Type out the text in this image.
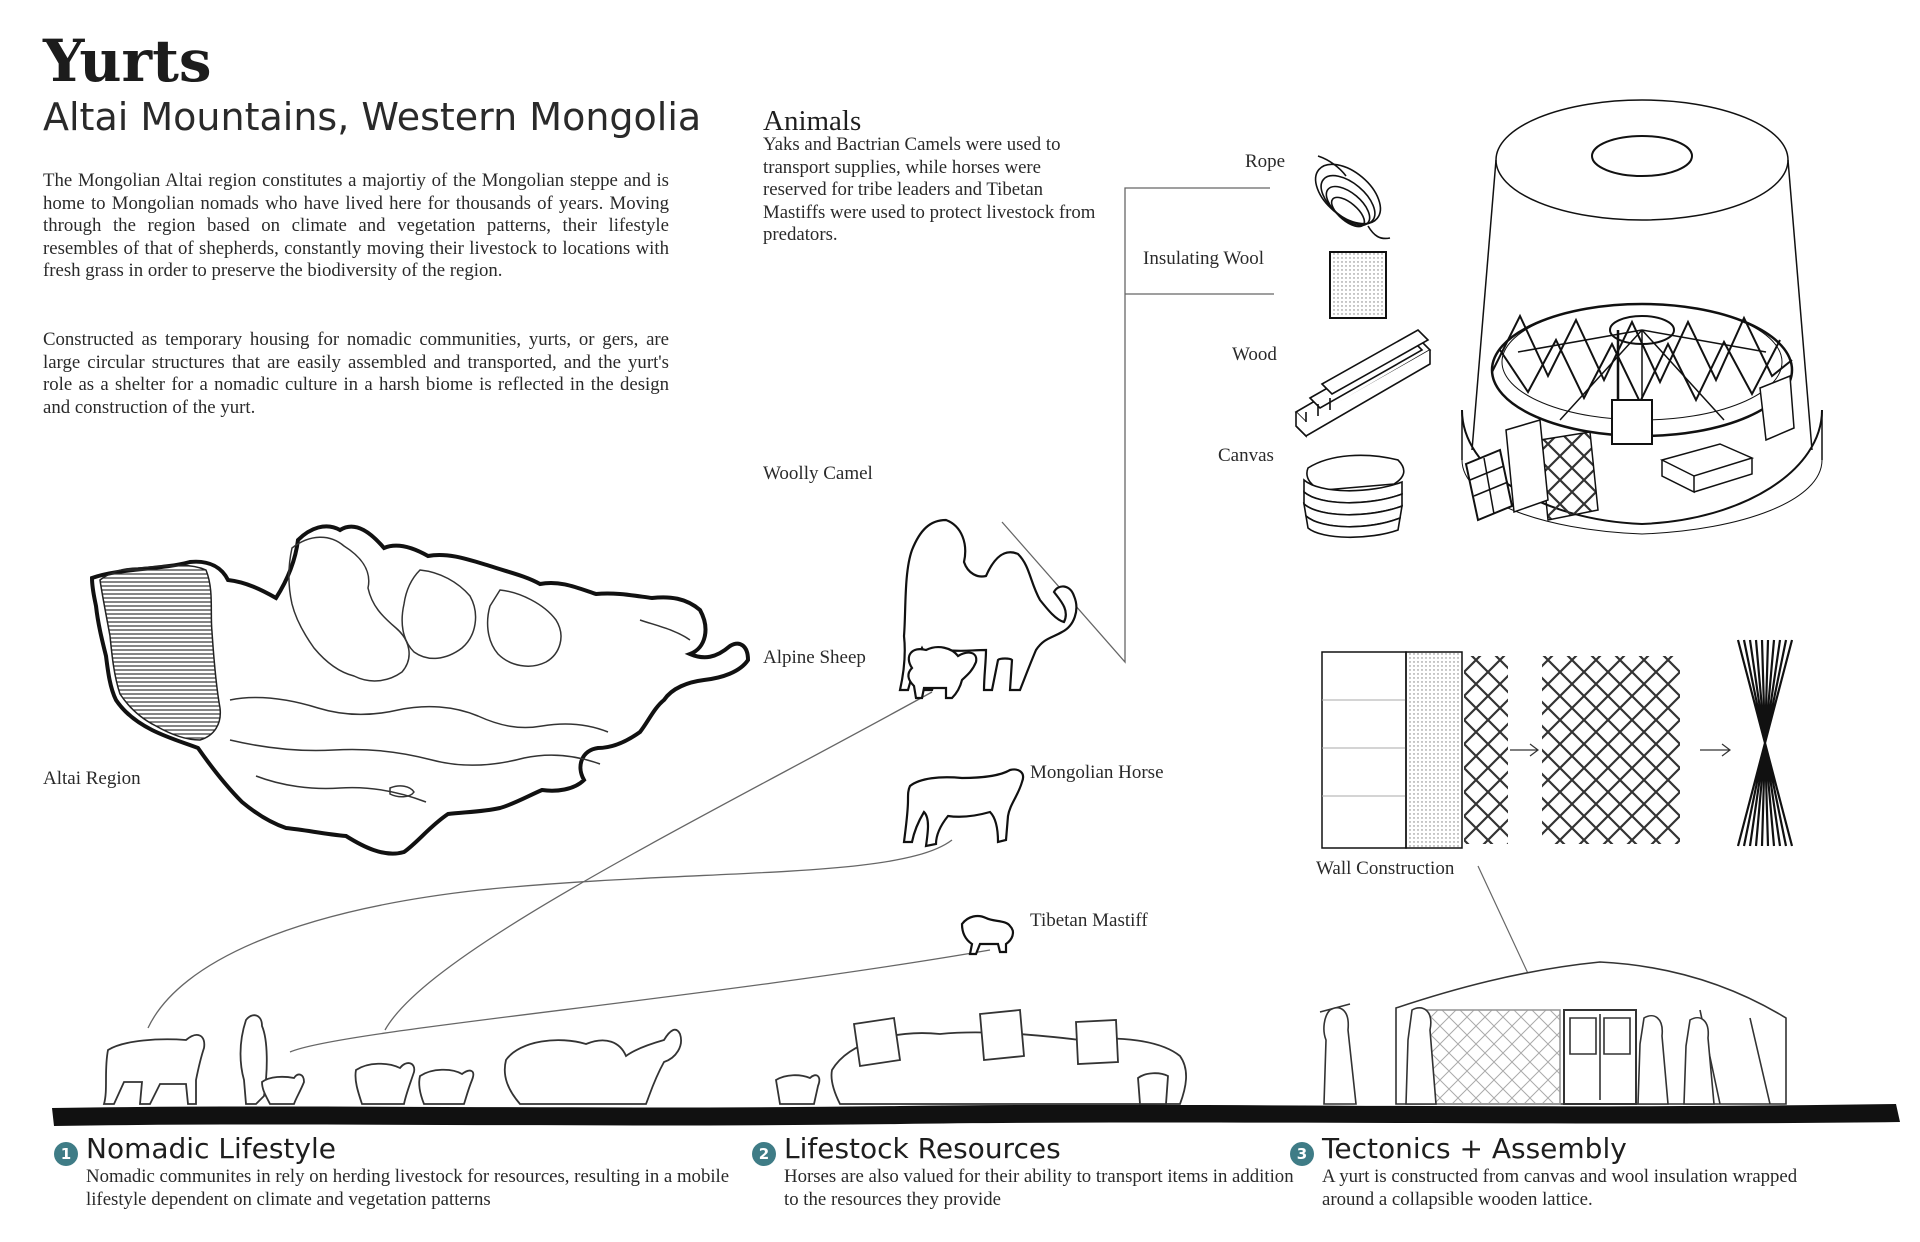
Yurts
Altai Mountains, Western Mongolia
The Mongolian Altai region constitutes a majortiy of the Mongolian steppe and is home to Mongolian nomads who have lived here for thousands of years. Moving through the region based on climate and vegetation patterns, their lifestyle resembles of that of shepherds, constantly moving their livestock to locations with fresh grass in order to preserve the biodiversity of the region.
Constructed as temporary housing for nomadic communities, yurts, or gers, are large circular structures that are easily assembled and transported, and the yurt's role as a shelter for a nomadic culture in a harsh biome is reflected in the design and construction of the yurt.
Altai Region
Animals
Yaks and Bactrian Camels were used to transport supplies, while horses were reserved for tribe leaders and Tibetan Mastiffs were used to protect livestock from predators.
Woolly Camel
Alpine Sheep
Mongolian Horse
Tibetan Mastiff
Rope
Insulating Wool
Wood
Canvas
Wall Construction
1 Nomadic Lifestyle
Nomadic communites in rely on herding livestock for resources, resulting in a mobile lifestyle dependent on climate and vegetation patterns
2 Lifestock Resources
Horses are also valued for their ability to transport items in addition to the resources they provide
3 Tectonics + Assembly
A yurt is constructed from canvas and wool insulation wrapped around a collapsible wooden lattice.
